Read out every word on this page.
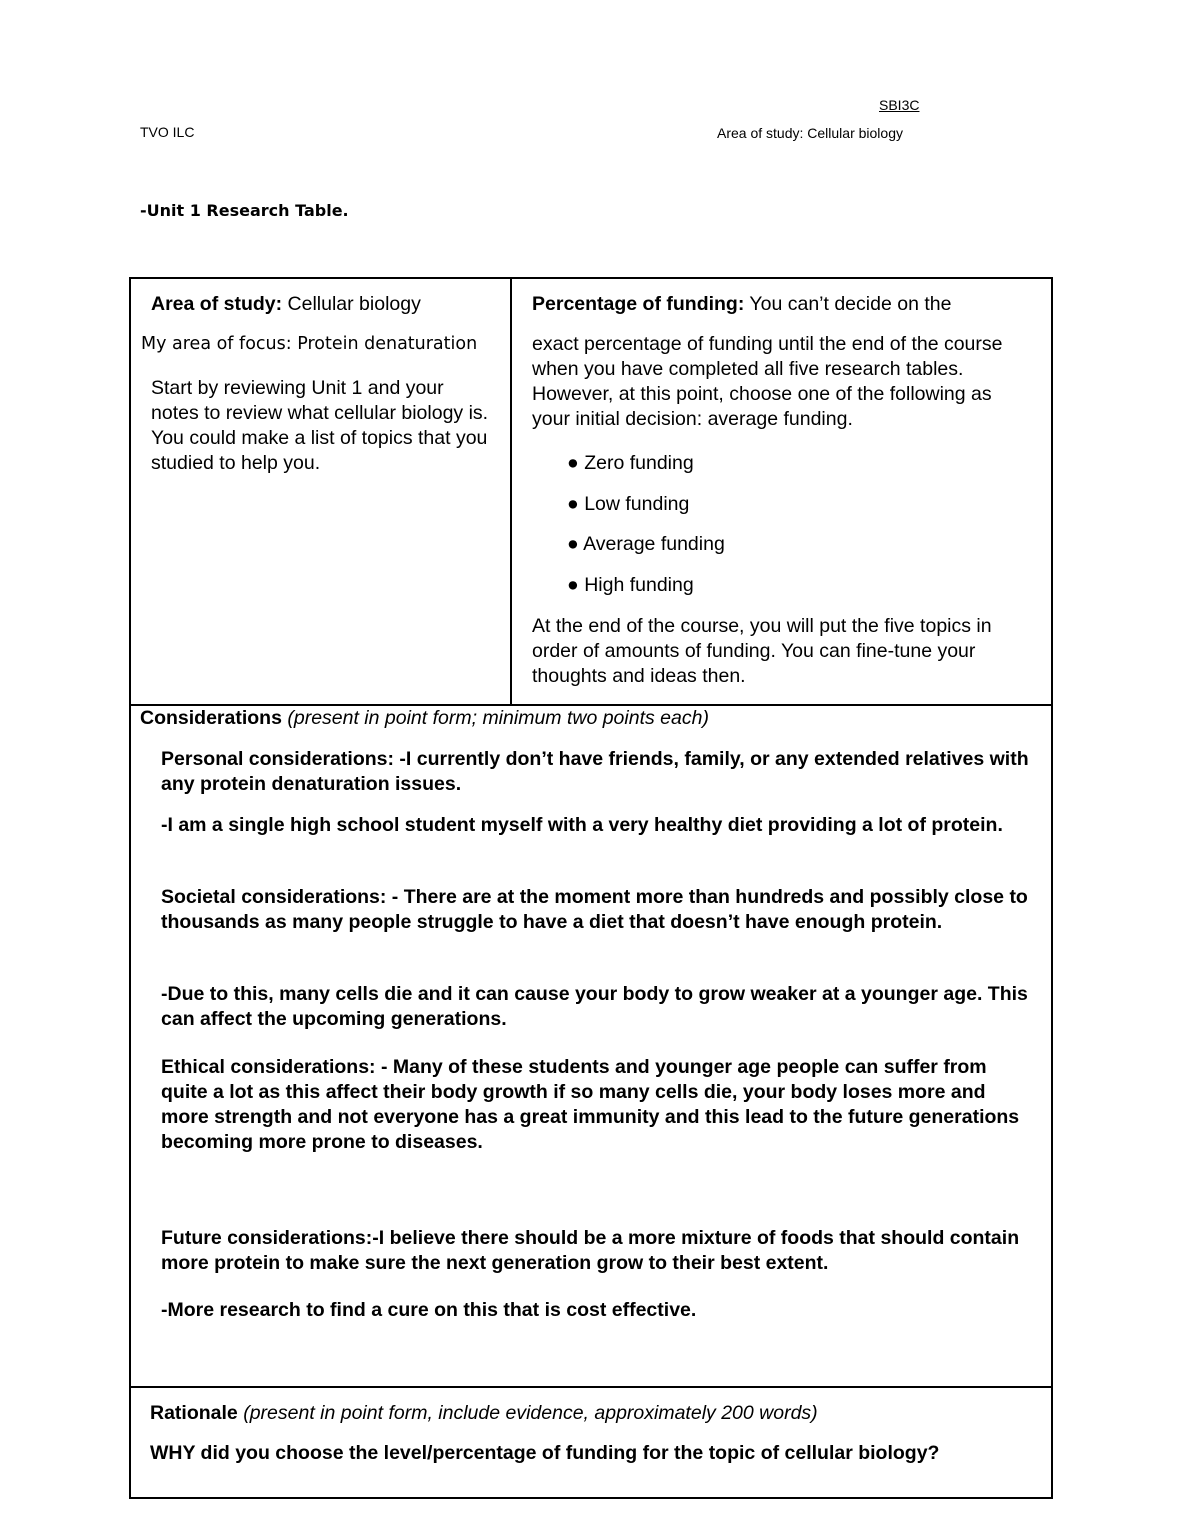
SBI3C
TVO ILC	Area of study: Cellular biology
-Unit 1 Research Table.
Area of study: Cellular biology
My area of focus: Protein denaturation
Start by reviewing Unit 1 and your notes to review what cellular biology is. You could make a list of topics that you studied to help you.
Percentage of funding: You can’t decide on the
exact percentage of funding until the end of the course when you have completed all five research tables. However, at this point, choose one of the following as your initial decision: average funding.
● Zero funding
● Low funding
● Average funding
● High funding
At the end of the course, you will put the five topics in order of amounts of funding. You can fine-tune your thoughts and ideas then.
Considerations (present in point form; minimum two points each)
Personal considerations: -I currently don’t have friends, family, or any extended relatives with any protein denaturation issues.
-I am a single high school student myself with a very healthy diet providing a lot of protein.
Societal considerations: - There are at the moment more than hundreds and possibly close to thousands as many people struggle to have a diet that doesn’t have enough protein.
-Due to this, many cells die and it can cause your body to grow weaker at a younger age. This can affect the upcoming generations.
Ethical considerations: - Many of these students and younger age people can suffer from quite a lot as this affect their body growth if so many cells die, your body loses more and more strength and not everyone has a great immunity and this lead to the future generations becoming more prone to diseases.
Future considerations:-I believe there should be a more mixture of foods that should contain more protein to make sure the next generation grow to their best extent.
-More research to find a cure on this that is cost effective.
Rationale (present in point form, include evidence, approximately 200 words)
WHY did you choose the level/percentage of funding for the topic of cellular biology?
